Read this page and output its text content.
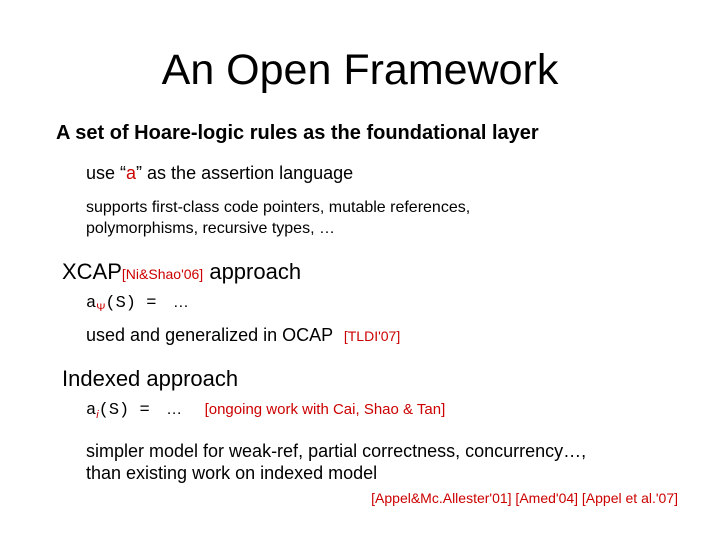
An Open Framework
A set of Hoare-logic rules as the foundational layer
use “a” as the assertion language
supports first-class code pointers, mutable references,
polymorphisms, recursive types, …
XCAP[Ni&Shao'06] approach
$a_\Psi(S)$ = …
used and generalized in OCAP [TLDI'07]
Indexed approach
$a_i(S)$ = … [ongoing work with Cai, Shao & Tan]
simpler model for weak-ref, partial correctness, concurrency…,
than existing work on indexed model
[Appel&Mc.Allester'01] [Amed'04] [Appel et al.'07]
